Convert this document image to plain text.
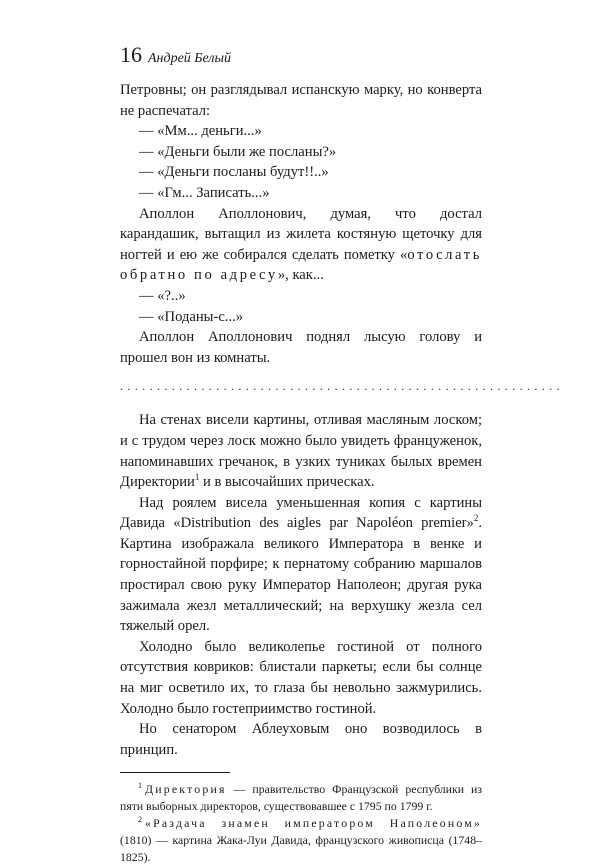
16 Андрей Белый

Петровны; он разглядывал испанскую марку, но конверта не распечатал:

— «Мм... деньги...»

— «Деньги были же посланы?»

— «Деньги посланы будут!!..»

— «Гм... Записать...»

Аполлон Аполлонович, думая, что достал карандашик, вытащил из жилета костяную щеточку для ногтей и ею же собирался сделать пометку «отослать обратно по адресу», как...

— «?..»

— «Поданы-с...»

Аполлон Аполлонович поднял лысую голову и прошел вон из комнаты.

............................................................

На стенах висели картины, отливая масляным лоском; и с трудом через лоск можно было увидеть француженок, напоминавших гречанок, в узких туниках былых времен Директории$^1$ и в высочайших прическах.

Над роялем висела уменьшенная копия с картины Давида «Distribution des aigles par Napoléon premier»$^2$. Картина изображала великого Императора в венке и горностайной порфире; к пернатому собранию маршалов простирал свою руку Император Наполеон; другая рука зажимала жезл металлический; на верхушку жезла сел тяжелый орел.

Холодно было великолепье гостиной от полного отсутствия ковриков: блистали паркеты; если бы солнце на миг осветило их, то глаза бы невольно зажмурились. Холодно было гостеприимство гостиной.

Но сенатором Аблеуховым оно возводилось в принцип.

$^1$ Директория — правительство Французской республики из пяти выборных директоров, существовавшее с 1795 по 1799 г.

$^2$ «Раздача знамен императором Наполеоном» (1810) — картина Жака-Луи Давида, французского живописца (1748–1825).
